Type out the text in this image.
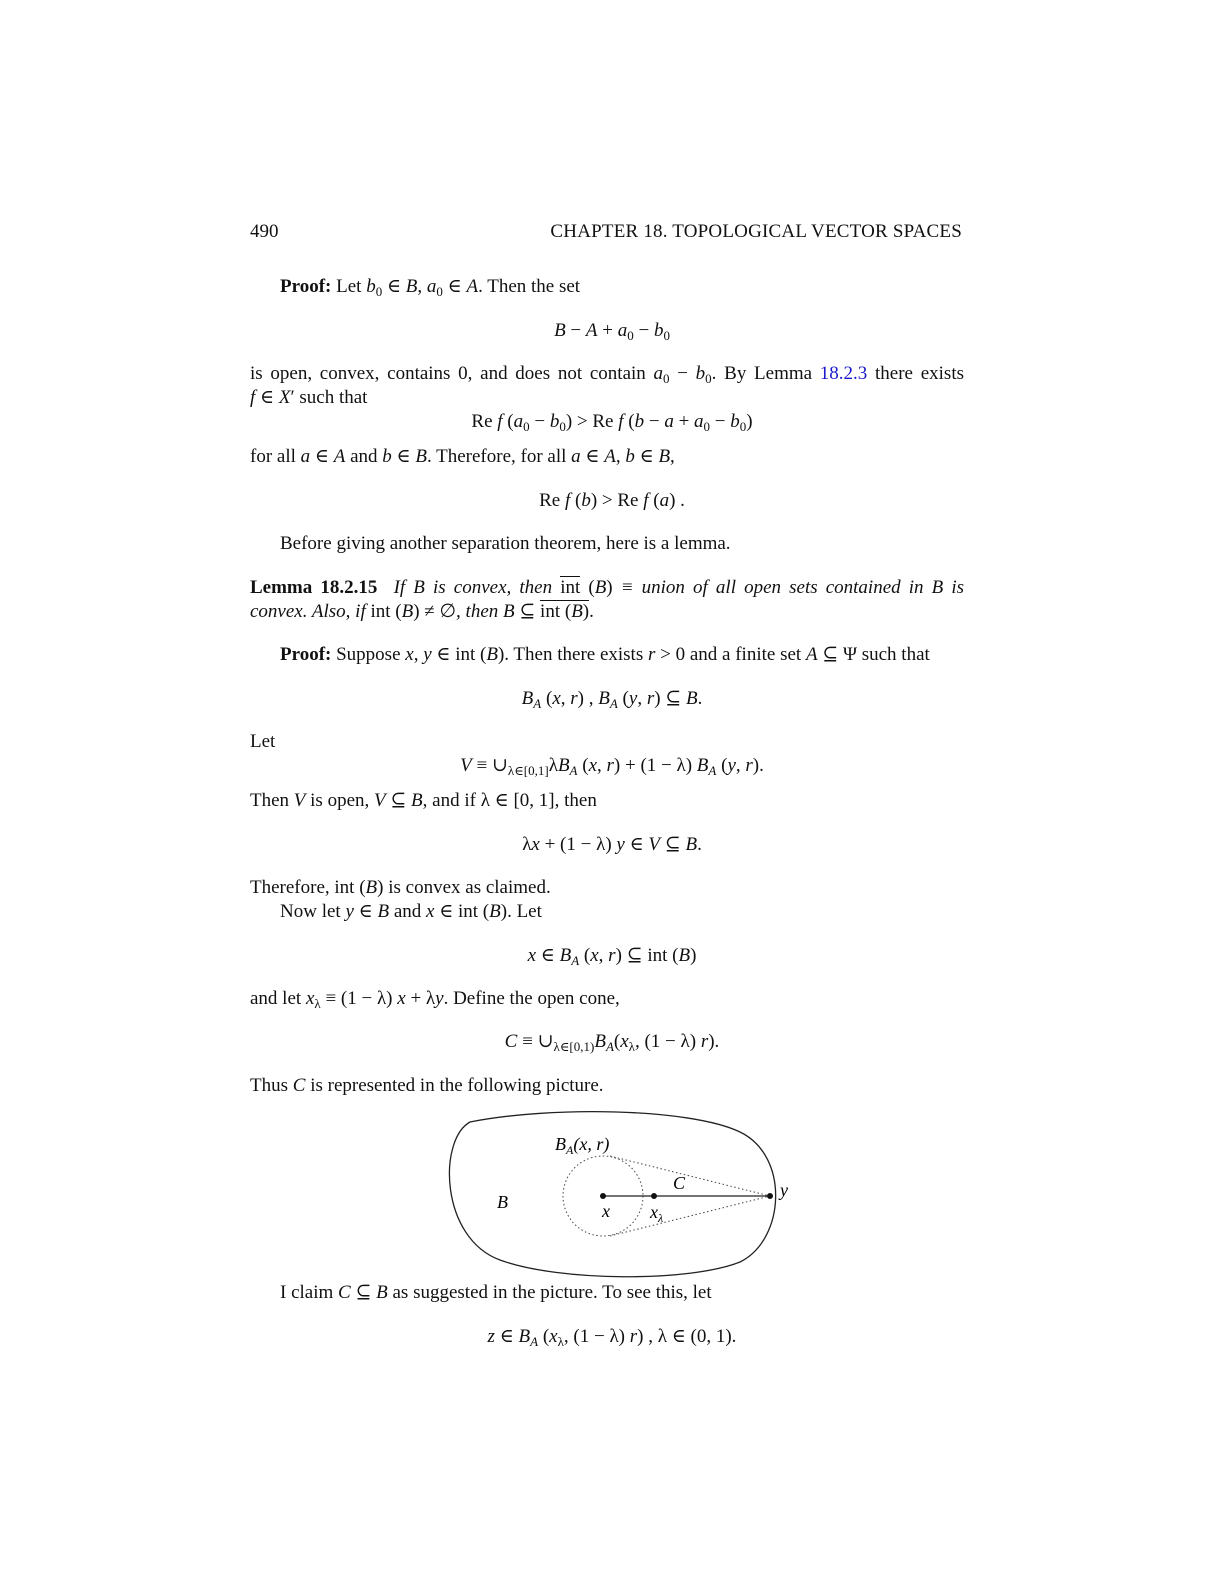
490	CHAPTER 18. TOPOLOGICAL VECTOR SPACES
Proof: Let $b_0$ ∈ B, $a_0$ ∈ A. Then the set
$B - A + a_0 - b_0$
is open, convex, contains 0, and does not contain $a_0 - b_0$. By Lemma 18.2.3 there exists
f ∈ X′ such that
Re f $(a_0 - b_0) > Re$ f $(b - a + a_0 - b_0)$
for all a ∈ A and b ∈ B. Therefore, for all a ∈ A, b ∈ B,
Re f (b) > Re f (a) .
Before giving another separation theorem, here is a lemma.
Lemma 18.2.15  If B is convex, then int (B) ≡ union of all open sets contained in B is
convex. Also, if int (B) ≠ ∅, then B ⊆ int (B).
Proof: Suppose x, y ∈ int (B). Then there exists r > 0 and a finite set A ⊆ Ψ such that
$B_A$ (x, r) , $B_A$ (y, r) ⊆ B.
Let
$V \equiv \cup_{\lambda\in[0,1]}\lambda B_A$ (x, r) + (1 − λ) $B_A$ (y, r).
Then V is open, V ⊆ B, and if λ ∈ [0, 1], then
λx + (1 − λ) y ∈ V ⊆ B.
Therefore, int (B) is convex as claimed.
Now let y ∈ B and x ∈ int (B). Let
x ∈ $B_A$ (x, r) ⊆ int (B)
and let $x_\lambda \equiv (1 - \lambda) x + \lambda y$. Define the open cone,
$C \equiv \cup_{\lambda\in[0,1)}B_A(x_\lambda$, (1 − λ) r).
Thus C is represented in the following picture.
$B_A(x$, r)
B
C
x $x_\lambda$
y
I claim C ⊆ B as suggested in the picture. To see this, let
z ∈ $B_A$ ($x_\lambda$, (1 − λ) r) , λ ∈ (0, 1).
